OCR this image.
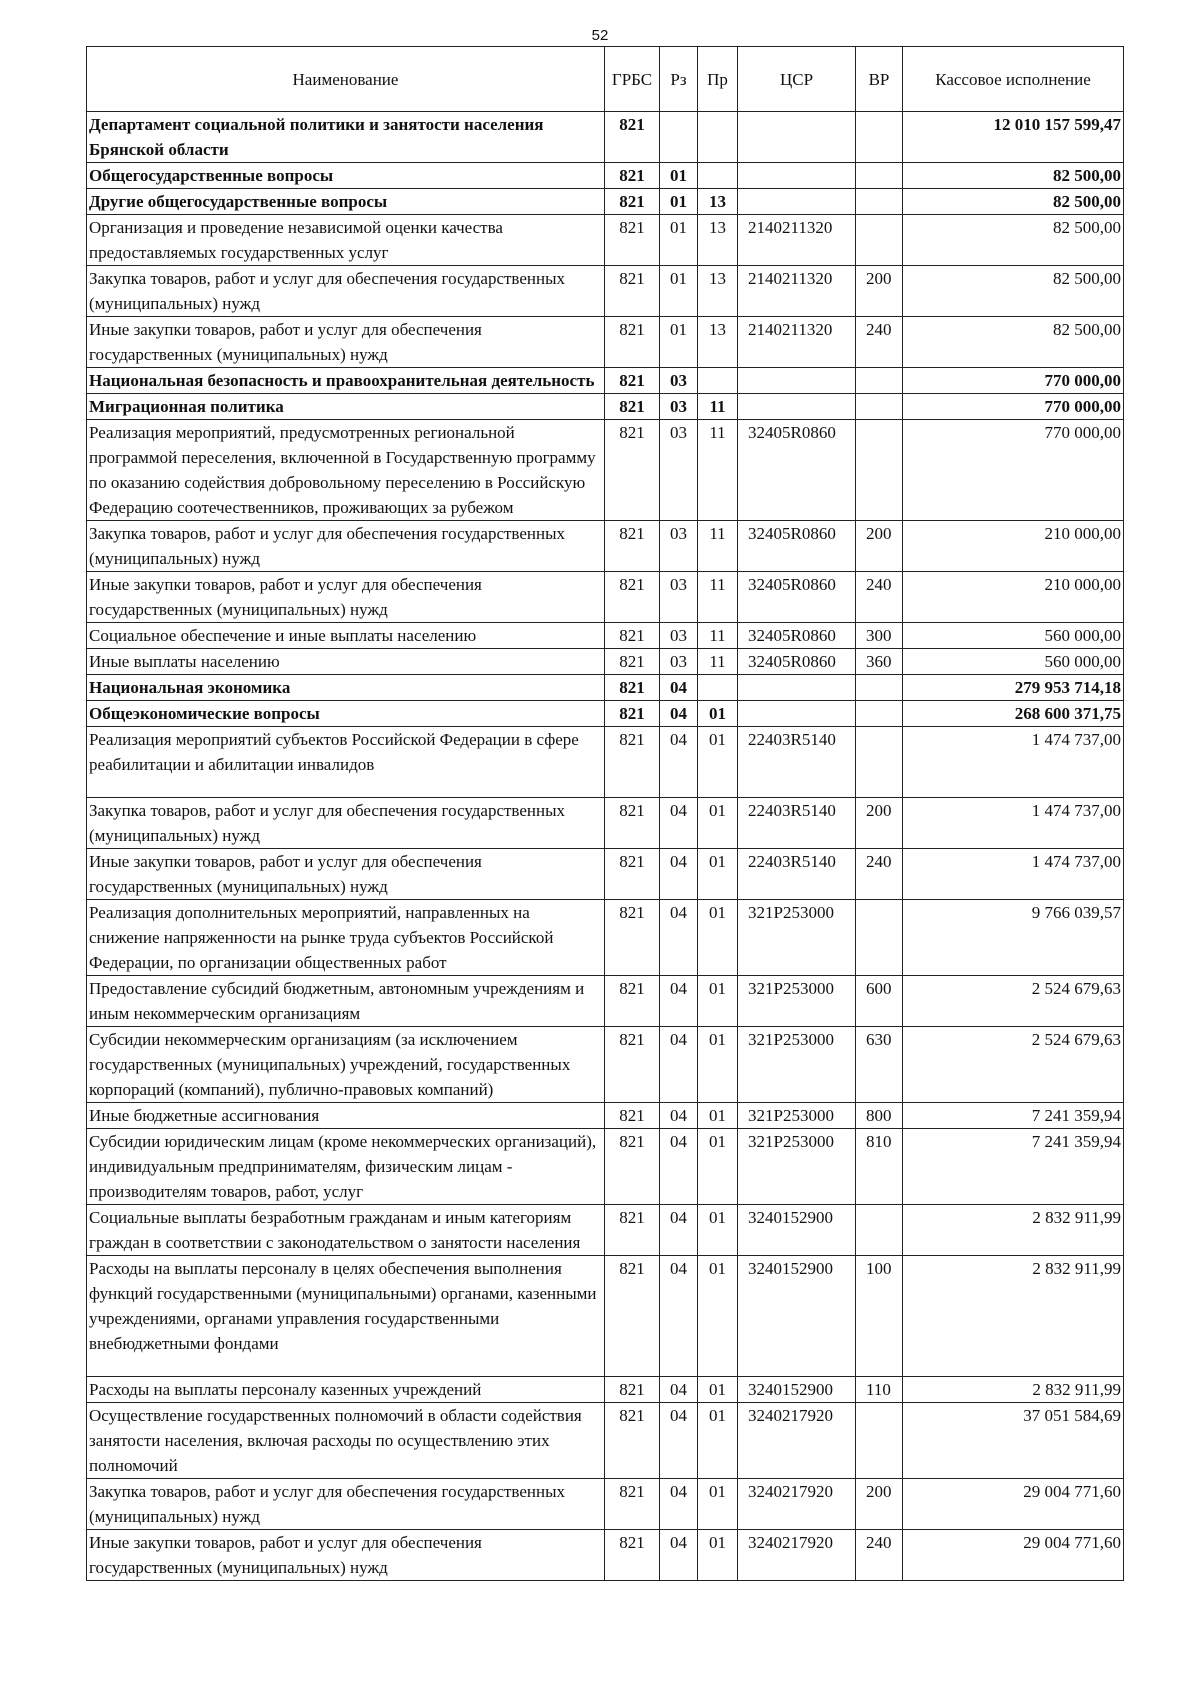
52
Наименование	ГРБС	Рз	Пр	ЦСР	ВР	Кассовое исполнение
Департамент социальной политики и занятости населения Брянской области	821					12 010 157 599,47
Общегосударственные вопросы	821	01				82 500,00
Другие общегосударственные вопросы	821	01	13			82 500,00
Организация и проведение независимой оценки качества предоставляемых государственных услуг	821	01	13	2140211320		82 500,00
Закупка товаров, работ и услуг для обеспечения государственных (муниципальных) нужд	821	01	13	2140211320	200	82 500,00
Иные закупки товаров, работ и услуг для обеспечения государственных (муниципальных) нужд	821	01	13	2140211320	240	82 500,00
Национальная безопасность и правоохранительная деятельность	821	03				770 000,00
Миграционная политика	821	03	11			770 000,00
Реализация мероприятий, предусмотренных региональной программой переселения, включенной в Государственную программу по оказанию содействия добровольному переселению в Российскую Федерацию соотечественников, проживающих за рубежом	821	03	11	32405R0860		770 000,00
Закупка товаров, работ и услуг для обеспечения государственных (муниципальных) нужд	821	03	11	32405R0860	200	210 000,00
Иные закупки товаров, работ и услуг для обеспечения государственных (муниципальных) нужд	821	03	11	32405R0860	240	210 000,00
Социальное обеспечение и иные выплаты населению	821	03	11	32405R0860	300	560 000,00
Иные выплаты населению	821	03	11	32405R0860	360	560 000,00
Национальная экономика	821	04				279 953 714,18
Общеэкономические вопросы	821	04	01			268 600 371,75
Реализация мероприятий субъектов Российской Федерации в сфере реабилитации и абилитации инвалидов	821	04	01	22403R5140		1 474 737,00
Закупка товаров, работ и услуг для обеспечения государственных (муниципальных) нужд	821	04	01	22403R5140	200	1 474 737,00
Иные закупки товаров, работ и услуг для обеспечения государственных (муниципальных) нужд	821	04	01	22403R5140	240	1 474 737,00
Реализация дополнительных мероприятий, направленных на снижение напряженности на рынке труда субъектов Российской Федерации, по организации общественных работ	821	04	01	321P253000		9 766 039,57
Предоставление субсидий бюджетным, автономным учреждениям и иным некоммерческим организациям	821	04	01	321P253000	600	2 524 679,63
Субсидии некоммерческим организациям (за исключением государственных (муниципальных) учреждений, государственных корпораций (компаний), публично-правовых компаний)	821	04	01	321P253000	630	2 524 679,63
Иные бюджетные ассигнования	821	04	01	321P253000	800	7 241 359,94
Субсидии юридическим лицам (кроме некоммерческих организаций), индивидуальным предпринимателям, физическим лицам - производителям товаров, работ, услуг	821	04	01	321P253000	810	7 241 359,94
Социальные выплаты безработным гражданам и иным категориям граждан в соответствии с законодательством о занятости населения	821	04	01	3240152900		2 832 911,99
Расходы на выплаты персоналу в целях обеспечения выполнения функций государственными (муниципальными) органами, казенными учреждениями, органами управления государственными внебюджетными фондами	821	04	01	3240152900	100	2 832 911,99
Расходы на выплаты персоналу казенных учреждений	821	04	01	3240152900	110	2 832 911,99
Осуществление государственных полномочий в области содействия занятости населения, включая расходы по осуществлению этих полномочий	821	04	01	3240217920		37 051 584,69
Закупка товаров, работ и услуг для обеспечения государственных (муниципальных) нужд	821	04	01	3240217920	200	29 004 771,60
Иные закупки товаров, работ и услуг для обеспечения государственных (муниципальных) нужд	821	04	01	3240217920	240	29 004 771,60
